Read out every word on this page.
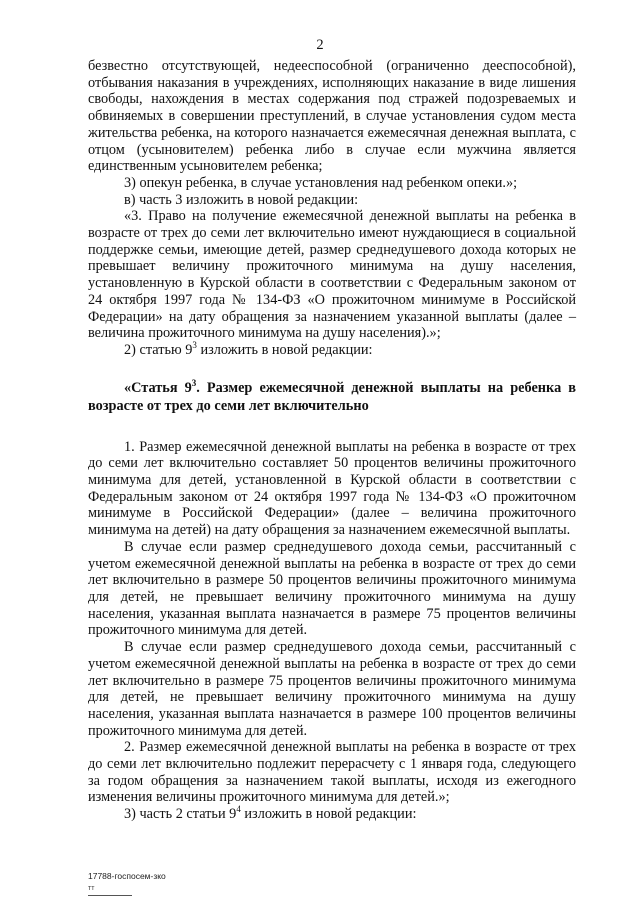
2

безвестно отсутствующей, недееспособной (ограниченно дееспособной), отбывания наказания в учреждениях, исполняющих наказание в виде лишения свободы, нахождения в местах содержания под стражей подозреваемых и обвиняемых в совершении преступлений, в случае установления судом места жительства ребенка, на которого назначается ежемесячная денежная выплата, с отцом (усыновителем) ребенка либо в случае если мужчина является единственным усыновителем ребенка;

3) опекун ребенка, в случае установления над ребенком опеки.»;

в) часть 3 изложить в новой редакции:

«3. Право на получение ежемесячной денежной выплаты на ребенка в возрасте от трех до семи лет включительно имеют нуждающиеся в социальной поддержке семьи, имеющие детей, размер среднедушевого дохода которых не превышает величину прожиточного минимума на душу населения, установленную в Курской области в соответствии с Федеральным законом от 24 октября 1997 года № 134-ФЗ «О прожиточном минимуме в Российской Федерации» на дату обращения за назначением указанной выплаты (далее – величина прожиточного минимума на душу населения).»;

2) статью $9^3$ изложить в новой редакции:

«Статья $9^3$. Размер ежемесячной денежной выплаты на ребенка в возрасте от трех до семи лет включительно

1. Размер ежемесячной денежной выплаты на ребенка в возрасте от трех до семи лет включительно составляет 50 процентов величины прожиточного минимума для детей, установленной в Курской области в соответствии с Федеральным законом от 24 октября 1997 года № 134-ФЗ «О прожиточном минимуме в Российской Федерации» (далее – величина прожиточного минимума на детей) на дату обращения за назначением ежемесячной выплаты.

В случае если размер среднедушевого дохода семьи, рассчитанный с учетом ежемесячной денежной выплаты на ребенка в возрасте от трех до семи лет включительно в размере 50 процентов величины прожиточного минимума для детей, не превышает величину прожиточного минимума на душу населения, указанная выплата назначается в размере 75 процентов величины прожиточного минимума для детей.

В случае если размер среднедушевого дохода семьи, рассчитанный с учетом ежемесячной денежной выплаты на ребенка в возрасте от трех до семи лет включительно в размере 75 процентов величины прожиточного минимума для детей, не превышает величину прожиточного минимума на душу населения, указанная выплата назначается в размере 100 процентов величины прожиточного минимума для детей.

2. Размер ежемесячной денежной выплаты на ребенка в возрасте от трех до семи лет включительно подлежит перерасчету с 1 января года, следующего за годом обращения за назначением такой выплаты, исходя из ежегодного изменения величины прожиточного минимума для детей.»;

3) часть 2 статьи $9^4$ изложить в новой редакции:

17788-госпосем-зко
тт
